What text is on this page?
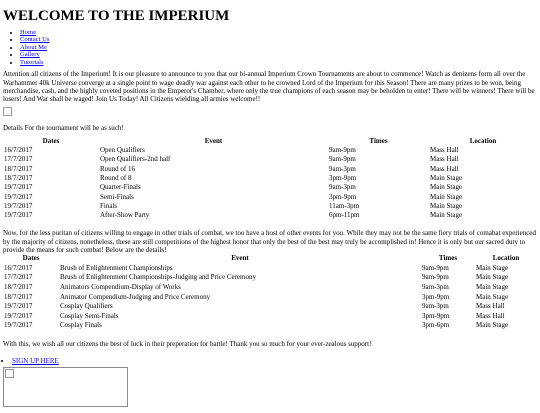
WELCOME TO THE IMPERIUM
• Home
• Contact Us
• About Me
• Gallery
• Tutorials

Attention all citizens of the Imperium! It is our pleasure to announce to you that our bi-annual Imperium Crown Tournaments are about to commence! Watch as denizens form all over the Warhammer 40k Universe converge at a single point to wage deadly war against each other to be crowned Lord of the Imperium for this Season! There are many prizes to be won, being merchandise, cash, and the highly coveted positions in the Emperor's Chamber, where only the true champions of each season may be beholden to enter! There will be winners! There will be losers! And War shall be waged! Join Us Today! All Citizens wielding all armies welcome!!

Details For the tournament will be as such!

Dates	Event	Times	Location
16/7/2017	Open Qualifiers	9am-9pm	Mass Hall
17/7/2017	Open Qualifiers-2nd half	9am-9pm	Mass Hall
18/7/2017	Round of 16	9am-3pm	Mass Hall
18/7/2017	Round of 8	3pm-9pm	Main Stage
19/7/2017	Quarter-Finals	9am-3pm	Main Stage
19/7/2017	Semi-Finals	3pm-9pm	Main Stage
19/7/2017	Finals	11am-3pm	Main Stage
19/7/2017	After-Show Party	6pm-11pm	Main Stage

Now, for the less puritan of citizens willing to engage in other trials of combat, we too have a host of other events for you. While they may not be the same fiery trials of comabat experienced by the majority of citizens, nonetheless, these are still competitions of the highest honor that only the best of the best may truly be accomplished in! Hence it is only but our sacred duty to provide the means for such combat! Below are the details!

Dates	Event	Times	Location
16/7/2017	Brush of Enlightenment Championships	9am-9pm	Main Stage
17/7/2017	Brush of Enlightenment Championships-Judging and Price Ceremony	9am-9pm	Main Stage
18/7/2017	Animators Compendium-Display of Works	9am-3pm	Main Stage
18/7/2017	Animator Compendium-Judging and Price Ceremony	3pm-9pm	Main Stage
19/7/2017	Cosplay Qualifiers	9am-3pm	Mass Hall
19/7/2017	Cosplay Semi-Finals	3pm-9pm	Mass Hall
19/7/2017	Cosplay Finals	3pm-6pm	Main Stage

With this, we wish all our citizens the best of luck in their preperation for battle! Thank you so much for your ever-zealous support!

• SIGN UP HERE
